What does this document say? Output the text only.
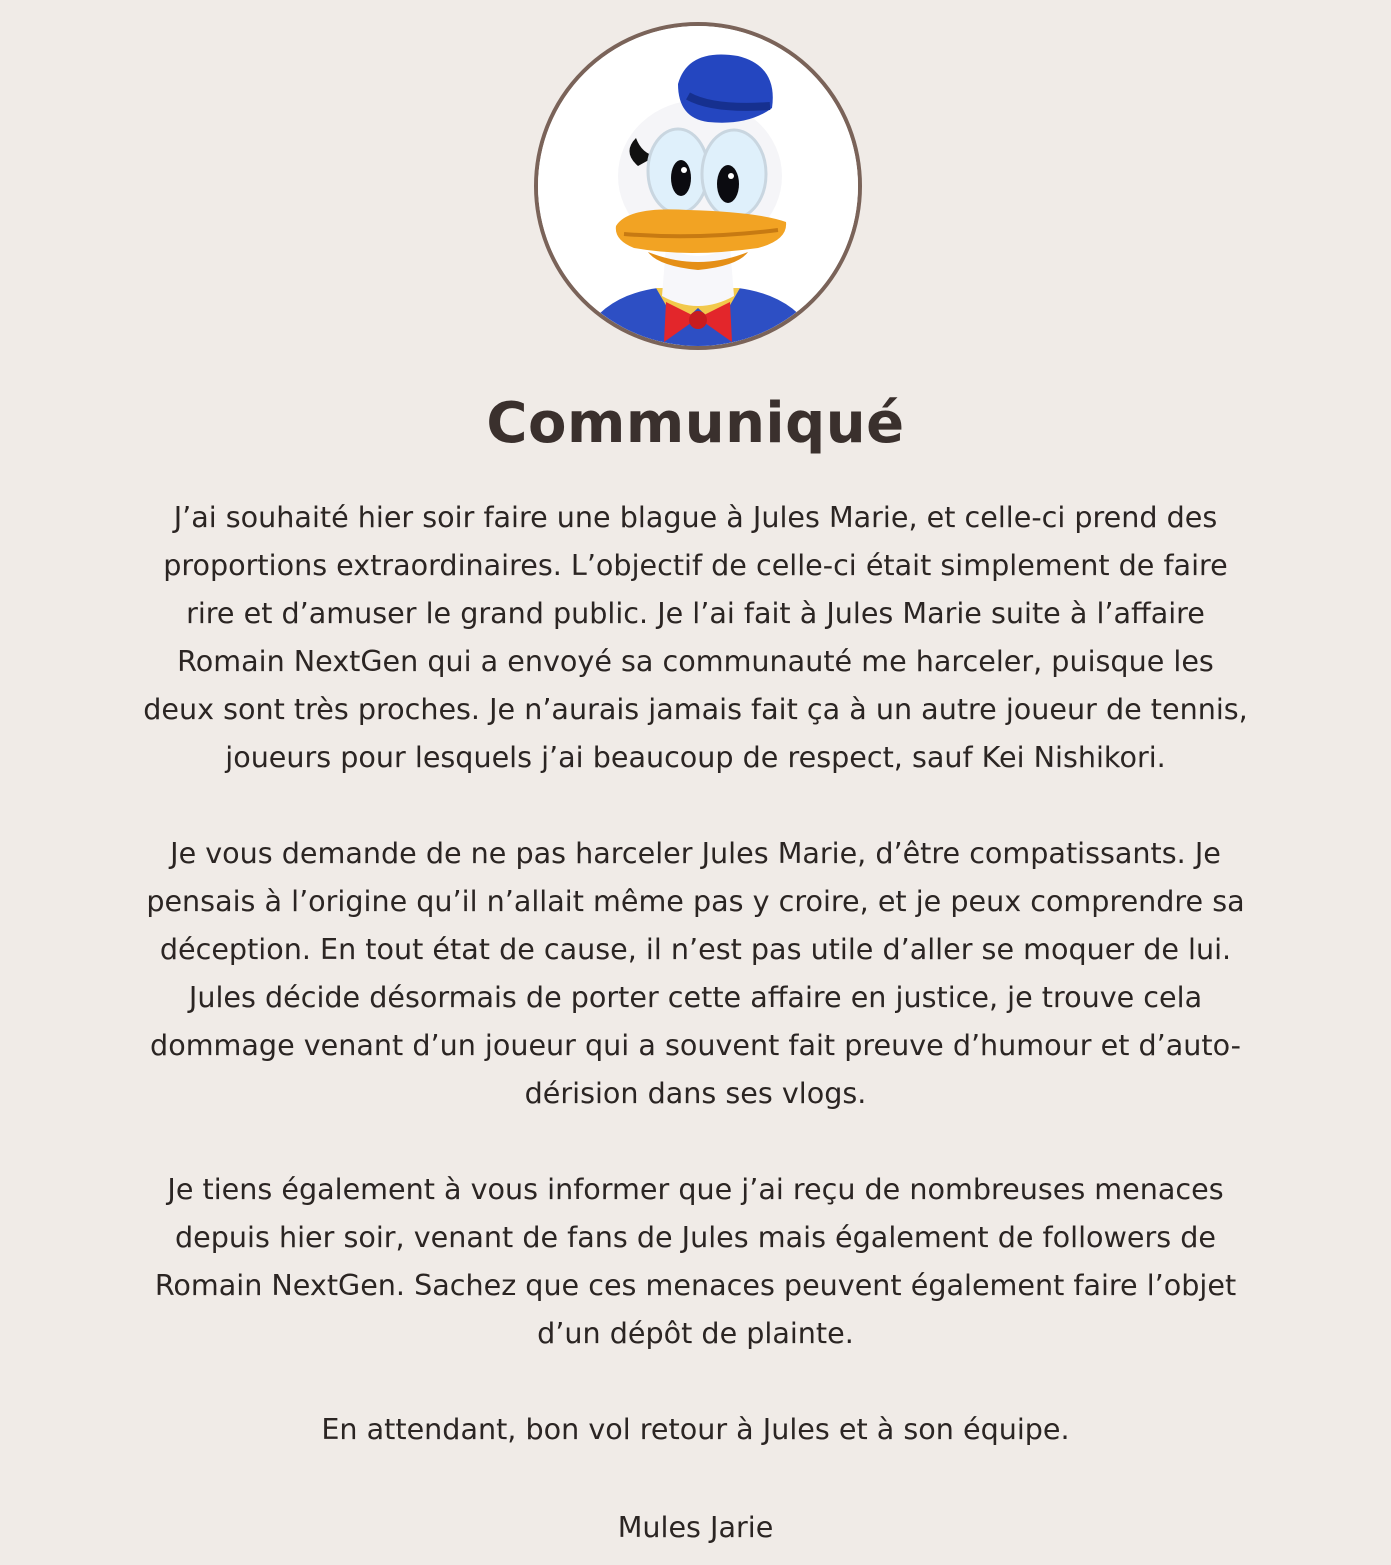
Communiqué

J’ai souhaité hier soir faire une blague à Jules Marie, et celle-ci prend des
proportions extraordinaires. L’objectif de celle-ci était simplement de faire
rire et d’amuser le grand public. Je l’ai fait à Jules Marie suite à l’affaire
Romain NextGen qui a envoyé sa communauté me harceler, puisque les
deux sont très proches. Je n’aurais jamais fait ça à un autre joueur de tennis,
joueurs pour lesquels j’ai beaucoup de respect, sauf Kei Nishikori.

Je vous demande de ne pas harceler Jules Marie, d’être compatissants. Je
pensais à l’origine qu’il n’allait même pas y croire, et je peux comprendre sa
déception. En tout état de cause, il n’est pas utile d’aller se moquer de lui.
Jules décide désormais de porter cette affaire en justice, je trouve cela
dommage venant d’un joueur qui a souvent fait preuve d’humour et d’auto-
dérision dans ses vlogs.

Je tiens également à vous informer que j’ai reçu de nombreuses menaces
depuis hier soir, venant de fans de Jules mais également de followers de
Romain NextGen. Sachez que ces menaces peuvent également faire l’objet
d’un dépôt de plainte.

En attendant, bon vol retour à Jules et à son équipe.

Mules Jarie
